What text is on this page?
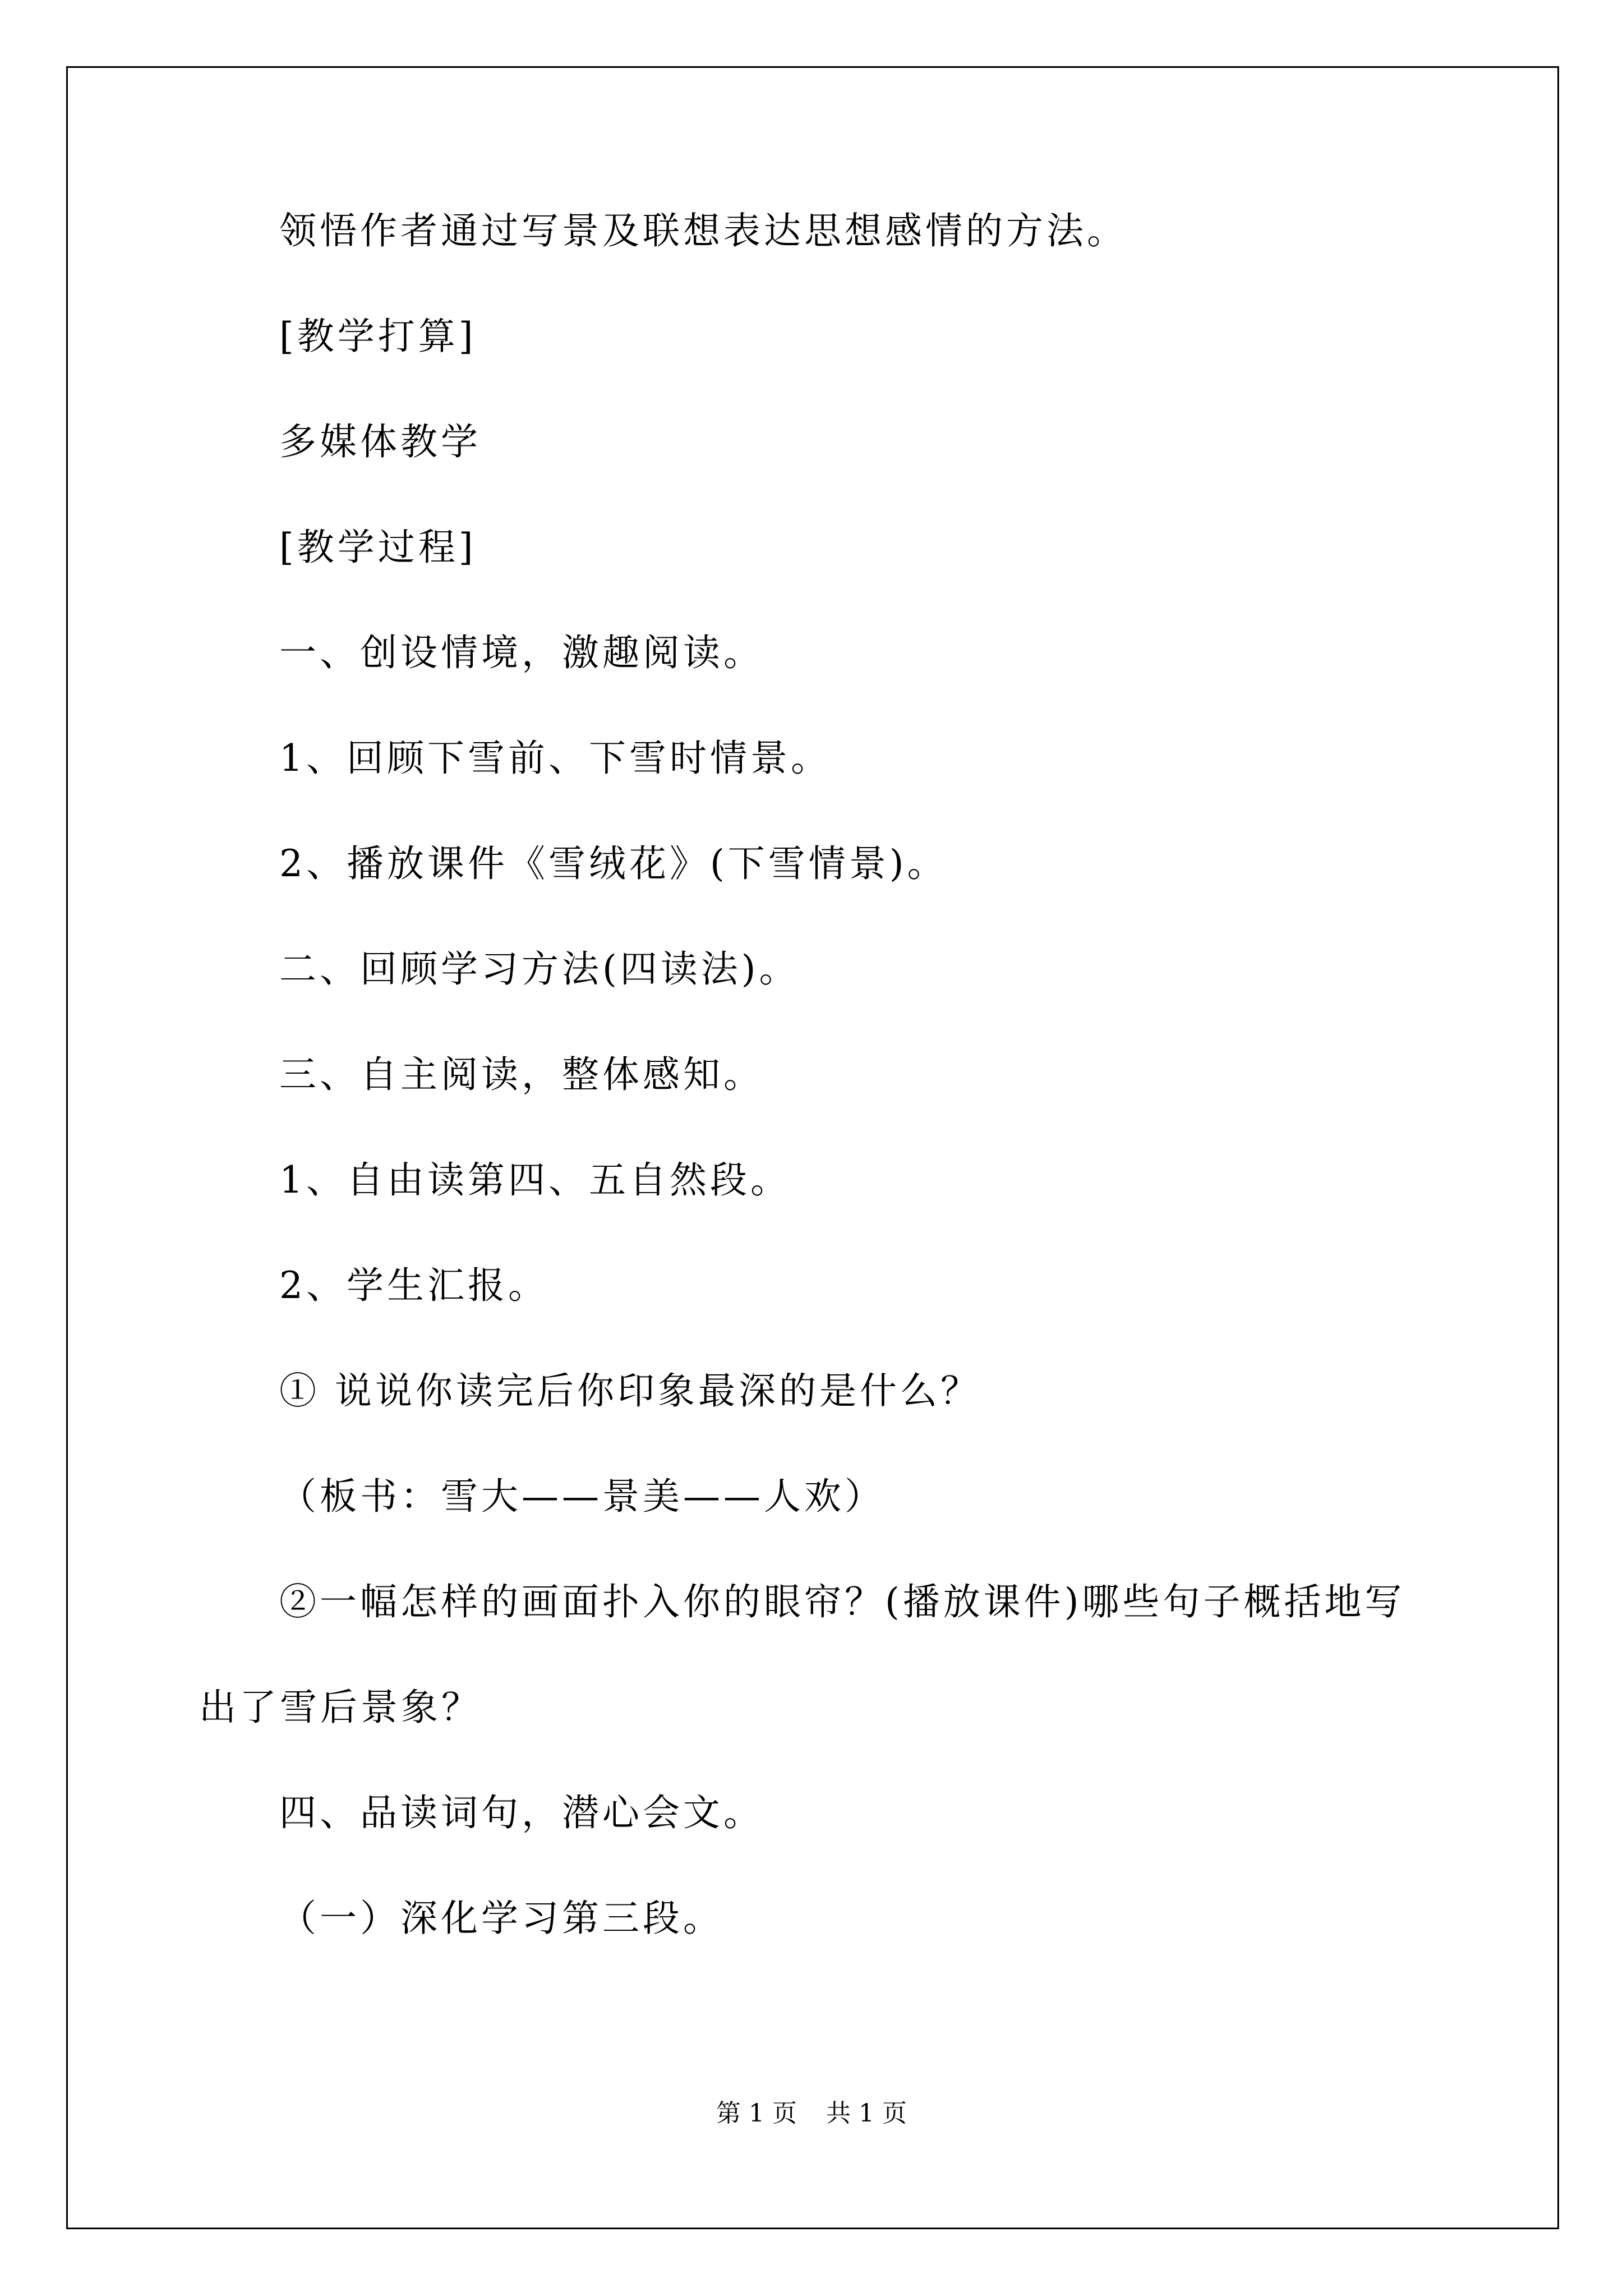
领悟作者通过写景及联想表达思想感情的方法。
[教学打算]
多媒体教学
[教学过程]
一、创设情境，激趣阅读。
1、回顾下雪前、下雪时情景。
2、播放课件《雪绒花》(下雪情景)。
二、回顾学习方法(四读法)。
三、自主阅读，整体感知。
1、自由读第四、五自然段。
2、学生汇报。
① 说说你读完后你印象最深的是什么？
（板书：雪大——景美——人欢）
②一幅怎样的画面扑入你的眼帘？(播放课件)哪些句子概括地写
出了雪后景象？
四、品读词句，潜心会文。
（一）深化学习第三段。
第 1 页 共 1 页
